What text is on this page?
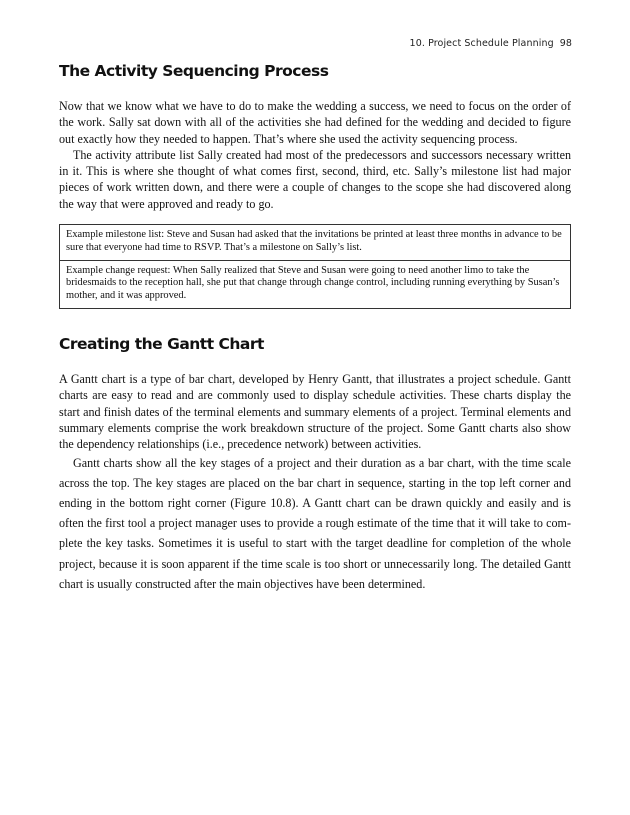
10. Project Schedule Planning 98
The Activity Sequencing Process

Now that we know what we have to do to make the wedding a success, we need to focus on the order of the work. Sally sat down with all of the activities she had defined for the wedding and decided to figure out exactly how they needed to happen. That’s where she used the activity sequencing process.

The activity attribute list Sally created had most of the predecessors and successors necessary written in it. This is where she thought of what comes first, second, third, etc. Sally’s milestone list had major pieces of work written down, and there were a couple of changes to the scope she had discovered along the way that were approved and ready to go.

Example milestone list: Steve and Susan had asked that the invitations be printed at least three months in advance to be sure that everyone had time to RSVP. That’s a milestone on Sally’s list.
Example change request: When Sally realized that Steve and Susan were going to need another limo to take the bridesmaids to the reception hall, she put that change through change control, including running everything by Susan’s mother, and it was approved.
Creating the Gantt Chart

A Gantt chart is a type of bar chart, developed by Henry Gantt, that illustrates a project schedule. Gantt charts are easy to read and are commonly used to display schedule activities. These charts display the start and finish dates of the terminal elements and summary elements of a project. Terminal elements and summary elements comprise the work breakdown structure of the project. Some Gantt charts also show the dependency relationships (i.e., precedence network) between activities.

Gantt charts show all the key stages of a project and their duration as a bar chart, with the time scale across the top. The key stages are placed on the bar chart in sequence, starting in the top left corner and ending in the bottom right corner (Figure 10.8). A Gantt chart can be drawn quickly and easily and is often the first tool a project manager uses to provide a rough estimate of the time that it will take to complete the key tasks. Sometimes it is useful to start with the target deadline for completion of the whole project, because it is soon apparent if the time scale is too short or unnecessarily long. The detailed Gantt chart is usually constructed after the main objectives have been determined.
